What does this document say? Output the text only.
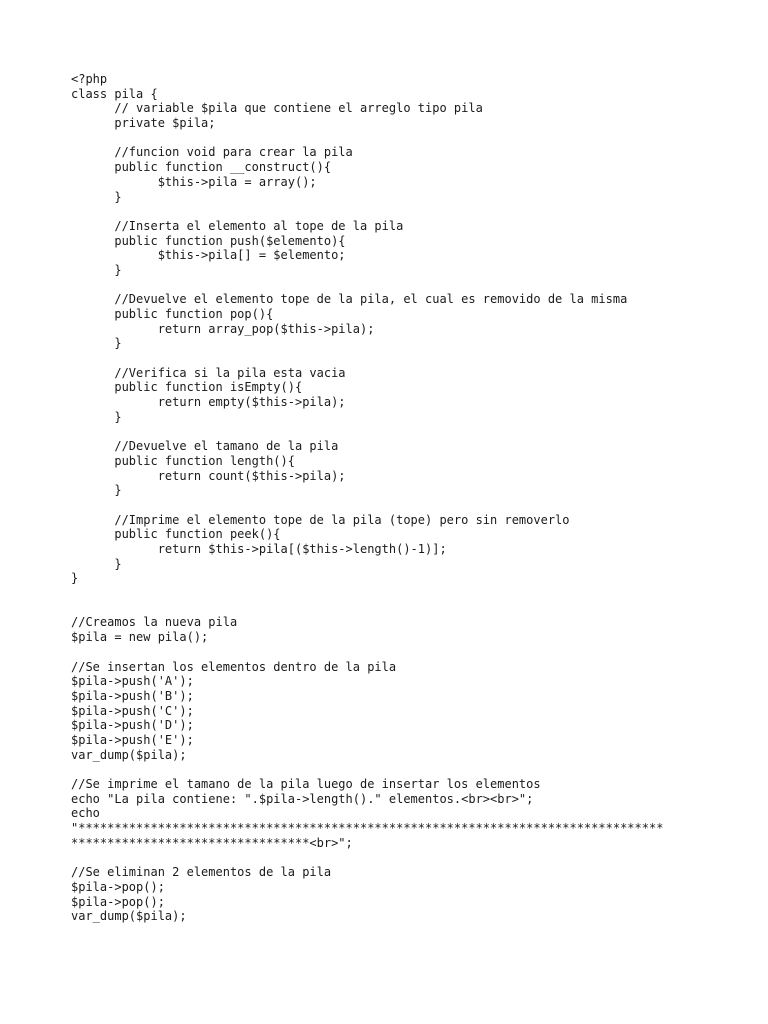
<?php
class pila {
// variable $pila que contiene el arreglo tipo pila
private $pila;
//funcion void para crear la pila
public function __construct(){
$this->pila = array();
}
//Inserta el elemento al tope de la pila
public function push($elemento){
$this->pila[] = $elemento;
}
//Devuelve el elemento tope de la pila, el cual es removido de la misma
public function pop(){
return array_pop($this->pila);
}
//Verifica si la pila esta vacia
public function isEmpty(){
return empty($this->pila);
}
//Devuelve el tamano de la pila
public function length(){
return count($this->pila);
}
//Imprime el elemento tope de la pila (tope) pero sin removerlo
public function peek(){
return $this->pila[($this->length()-1)];
}
}
//Creamos la nueva pila
$pila = new pila();
//Se insertan los elementos dentro de la pila
$pila->push('A');
$pila->push('B');
$pila->push('C');
$pila->push('D');
$pila->push('E');
var_dump($pila);
//Se imprime el tamano de la pila luego de insertar los elementos
echo "La pila contiene: ".$pila->length()." elementos.<br><br>";
echo
"*********************************************************************************
*********************************<br>";
//Se eliminan 2 elementos de la pila
$pila->pop();
$pila->pop();
var_dump($pila);
